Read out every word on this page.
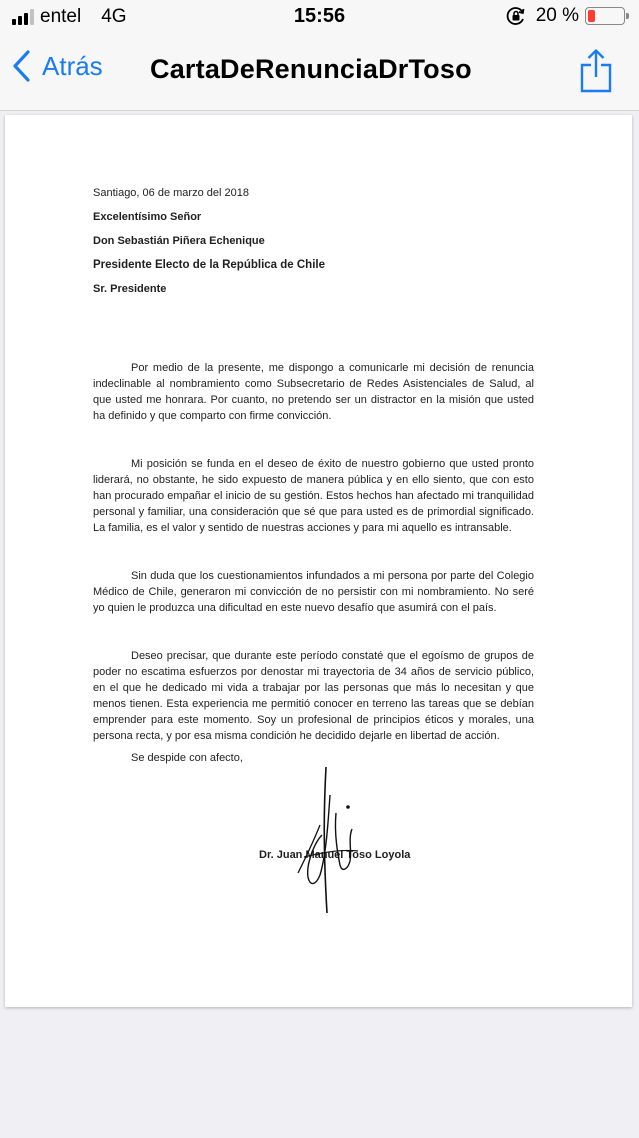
entel 4G	15:56	20 %
Atrás CartaDeRenunciaDrToso

Santiago, 06 de marzo del 2018

Excelentísimo Señor

Don Sebastián Piñera Echenique

Presidente Electo de la República de Chile

Sr. Presidente

Por medio de la presente, me dispongo a comunicarle mi decisión de renuncia indeclinable al nombramiento como Subsecretario de Redes Asistenciales de Salud, al que usted me honrara. Por cuanto, no pretendo ser un distractor en la misión que usted ha definido y que comparto con firme convicción.

Mi posición se funda en el deseo de éxito de nuestro gobierno que usted pronto liderará, no obstante, he sido expuesto de manera pública y en ello siento, que con esto han procurado empañar el inicio de su gestión. Estos hechos han afectado mi tranquilidad personal y familiar, una consideración que sé que para usted es de primordial significado. La familia, es el valor y sentido de nuestras acciones y para mi aquello es intransable.

Sin duda que los cuestionamientos infundados a mi persona por parte del Colegio Médico de Chile, generaron mi convicción de no persistir con mi nombramiento. No seré yo quien le produzca una dificultad en este nuevo desafío que asumirá con el país.

Deseo precisar, que durante este período constaté que el egoísmo de grupos de poder no escatima esfuerzos por denostar mi trayectoria de 34 años de servicio público, en el que he dedicado mi vida a trabajar por las personas que más lo necesitan y que menos tienen. Esta experiencia me permitió conocer en terreno las tareas que se debían emprender para este momento. Soy un profesional de principios éticos y morales, una persona recta, y por esa misma condición he decidido dejarle en libertad de acción.

Se despide con afecto,

Dr. Juan Manuel Toso Loyola
